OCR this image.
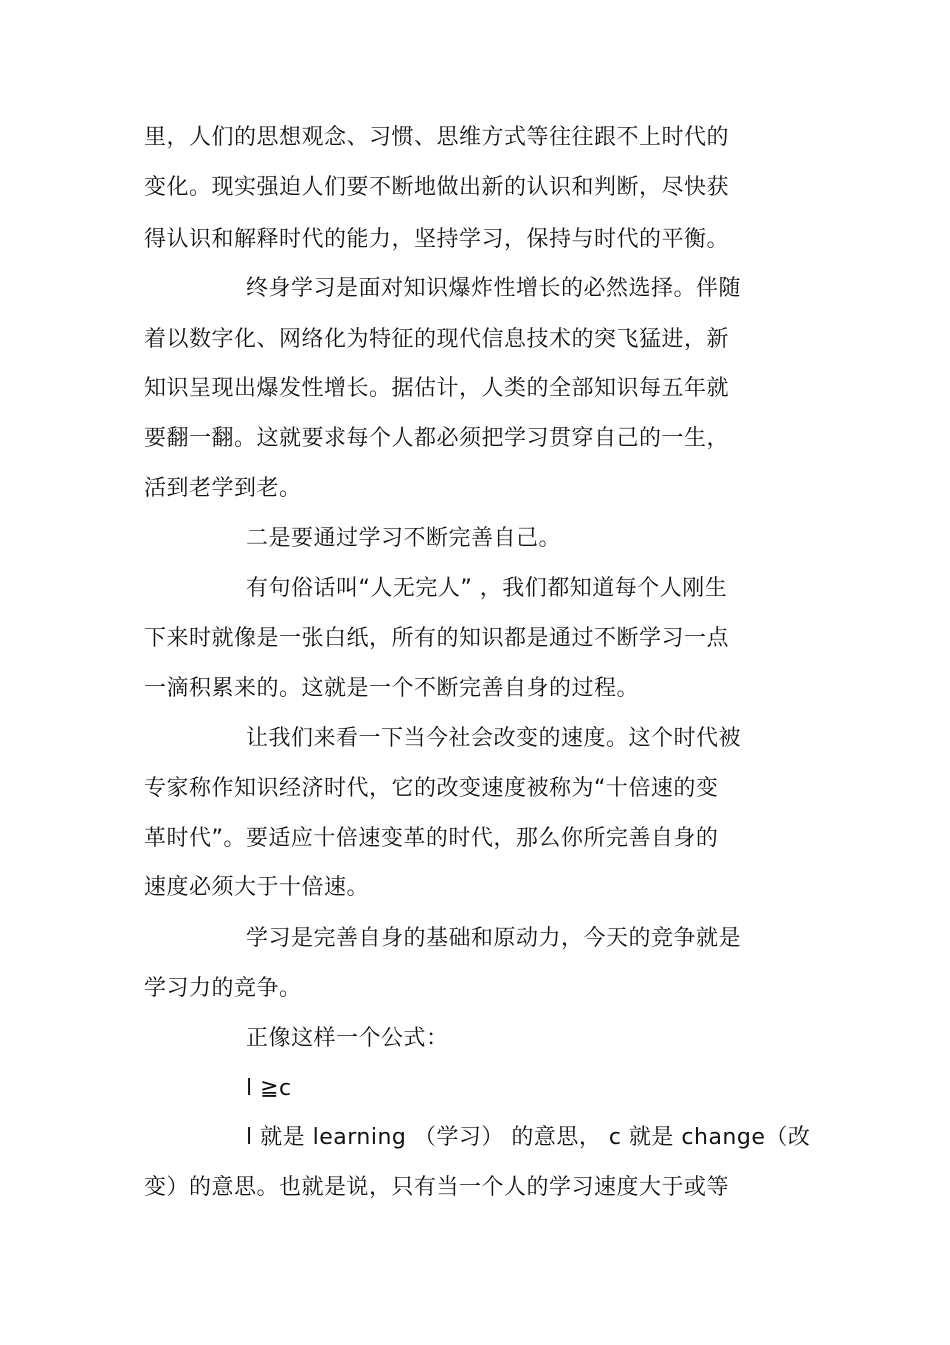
里，人们的思想观念、习惯、思维方式等往往跟不上时代的
变化。现实强迫人们要不断地做出新的认识和判断，尽快获
得认识和解释时代的能力，坚持学习，保持与时代的平衡。
终身学习是面对知识爆炸性增长的必然选择。伴随
着以数字化、网络化为特征的现代信息技术的突飞猛进，新
知识呈现出爆发性增长。据估计，人类的全部知识每五年就
要翻一翻。这就要求每个人都必须把学习贯穿自己的一生，
活到老学到老。
二是要通过学习不断完善自己。
有句俗话叫“人无完人” ，我们都知道每个人刚生
下来时就像是一张白纸，所有的知识都是通过不断学习一点
一滴积累来的。这就是一个不断完善自身的过程。
让我们来看一下当今社会改变的速度。这个时代被
专家称作知识经济时代，它的改变速度被称为“十倍速的变
革时代”。要适应十倍速变革的时代，那么你所完善自身的
速度必须大于十倍速。
学习是完善自身的基础和原动力，今天的竞争就是
学习力的竞争。
正像这样一个公式：
l ≧c
l 就是 learning （学习） 的意思， c 就是 change（改
变）的意思。也就是说，只有当一个人的学习速度大于或等
